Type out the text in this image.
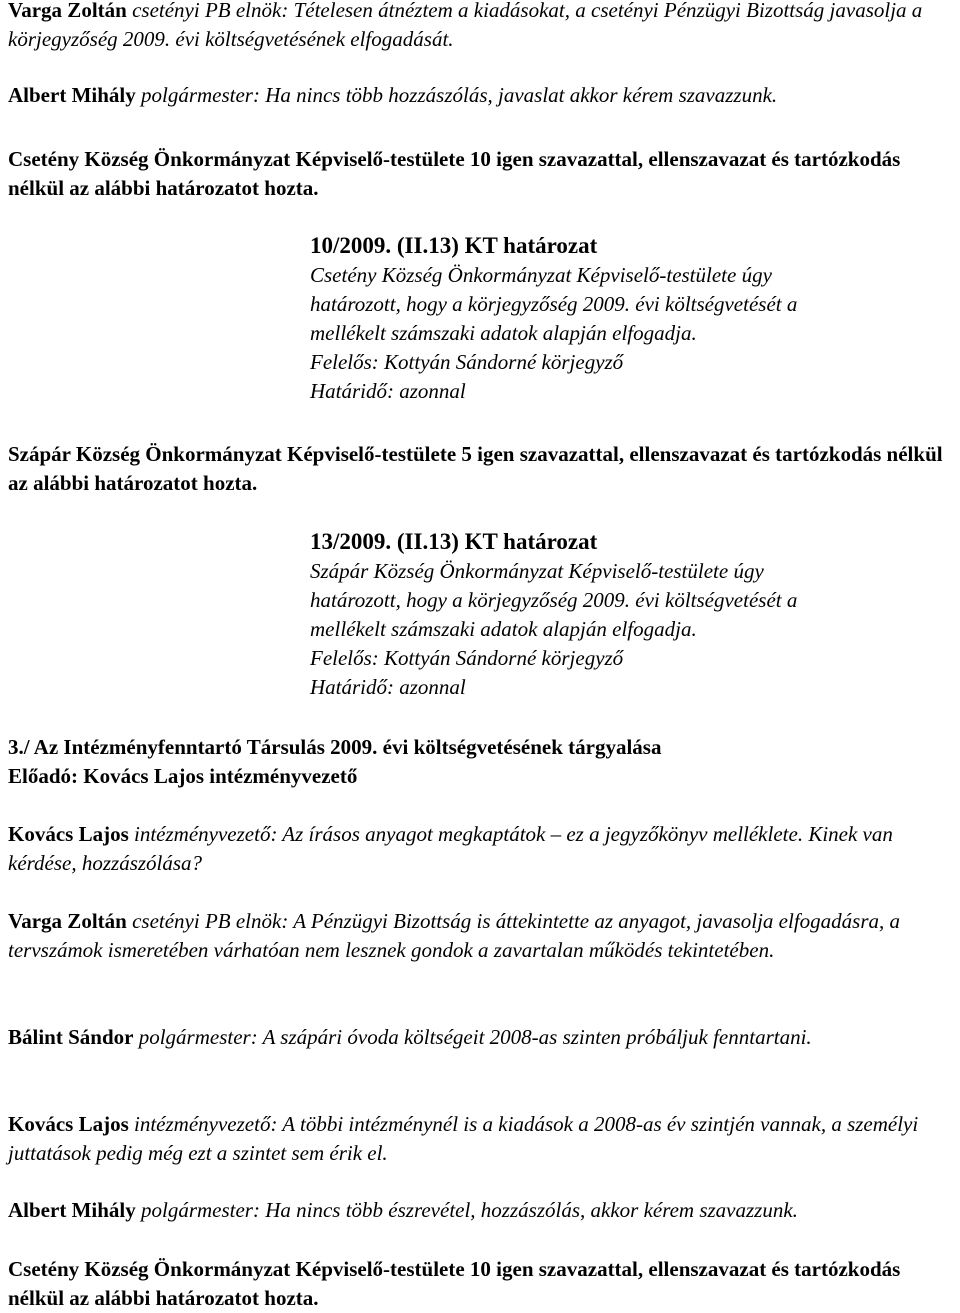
Varga Zoltán csetényi PB elnök: Tételesen átnéztem a kiadásokat, a csetényi Pénzügyi Bizottság javasolja a körjegyzőség 2009. évi költségvetésének elfogadását.

Albert Mihály polgármester: Ha nincs több hozzászólás, javaslat akkor kérem szavazzunk.

Csetény Község Önkormányzat Képviselő-testülete 10 igen szavazattal, ellenszavazat és tartózkodás nélkül az alábbi határozatot hozta.

10/2009. (II.13) KT határozat
Csetény Község Önkormányzat Képviselő-testülete úgy
határozott, hogy a körjegyzőség 2009. évi költségvetését a
mellékelt számszaki adatok alapján elfogadja.
Felelős: Kottyán Sándorné körjegyző
Határidő: azonnal

Szápár Község Önkormányzat Képviselő-testülete 5 igen szavazattal, ellenszavazat és tartózkodás nélkül az alábbi határozatot hozta.

13/2009. (II.13) KT határozat
Szápár Község Önkormányzat Képviselő-testülete úgy
határozott, hogy a körjegyzőség 2009. évi költségvetését a
mellékelt számszaki adatok alapján elfogadja.
Felelős: Kottyán Sándorné körjegyző
Határidő: azonnal
3./ Az Intézményfenntartó Társulás 2009. évi költségvetésének tárgyalása
Előadó: Kovács Lajos intézményvezető

Kovács Lajos intézményvezető: Az írásos anyagot megkaptátok – ez a jegyzőkönyv melléklete. Kinek van kérdése, hozzászólása?

Varga Zoltán csetényi PB elnök: A Pénzügyi Bizottság is áttekintette az anyagot, javasolja elfogadásra, a tervszámok ismeretében várhatóan nem lesznek gondok a zavartalan működés tekintetében.

Bálint Sándor polgármester: A szápári óvoda költségeit 2008-as szinten próbáljuk fenntartani.

Kovács Lajos intézményvezető: A többi intézménynél is a kiadások a 2008-as év szintjén vannak, a személyi juttatások pedig még ezt a szintet sem érik el.

Albert Mihály polgármester: Ha nincs több észrevétel, hozzászólás, akkor kérem szavazzunk.

Csetény Község Önkormányzat Képviselő-testülete 10 igen szavazattal, ellenszavazat és tartózkodás nélkül az alábbi határozatot hozta.
